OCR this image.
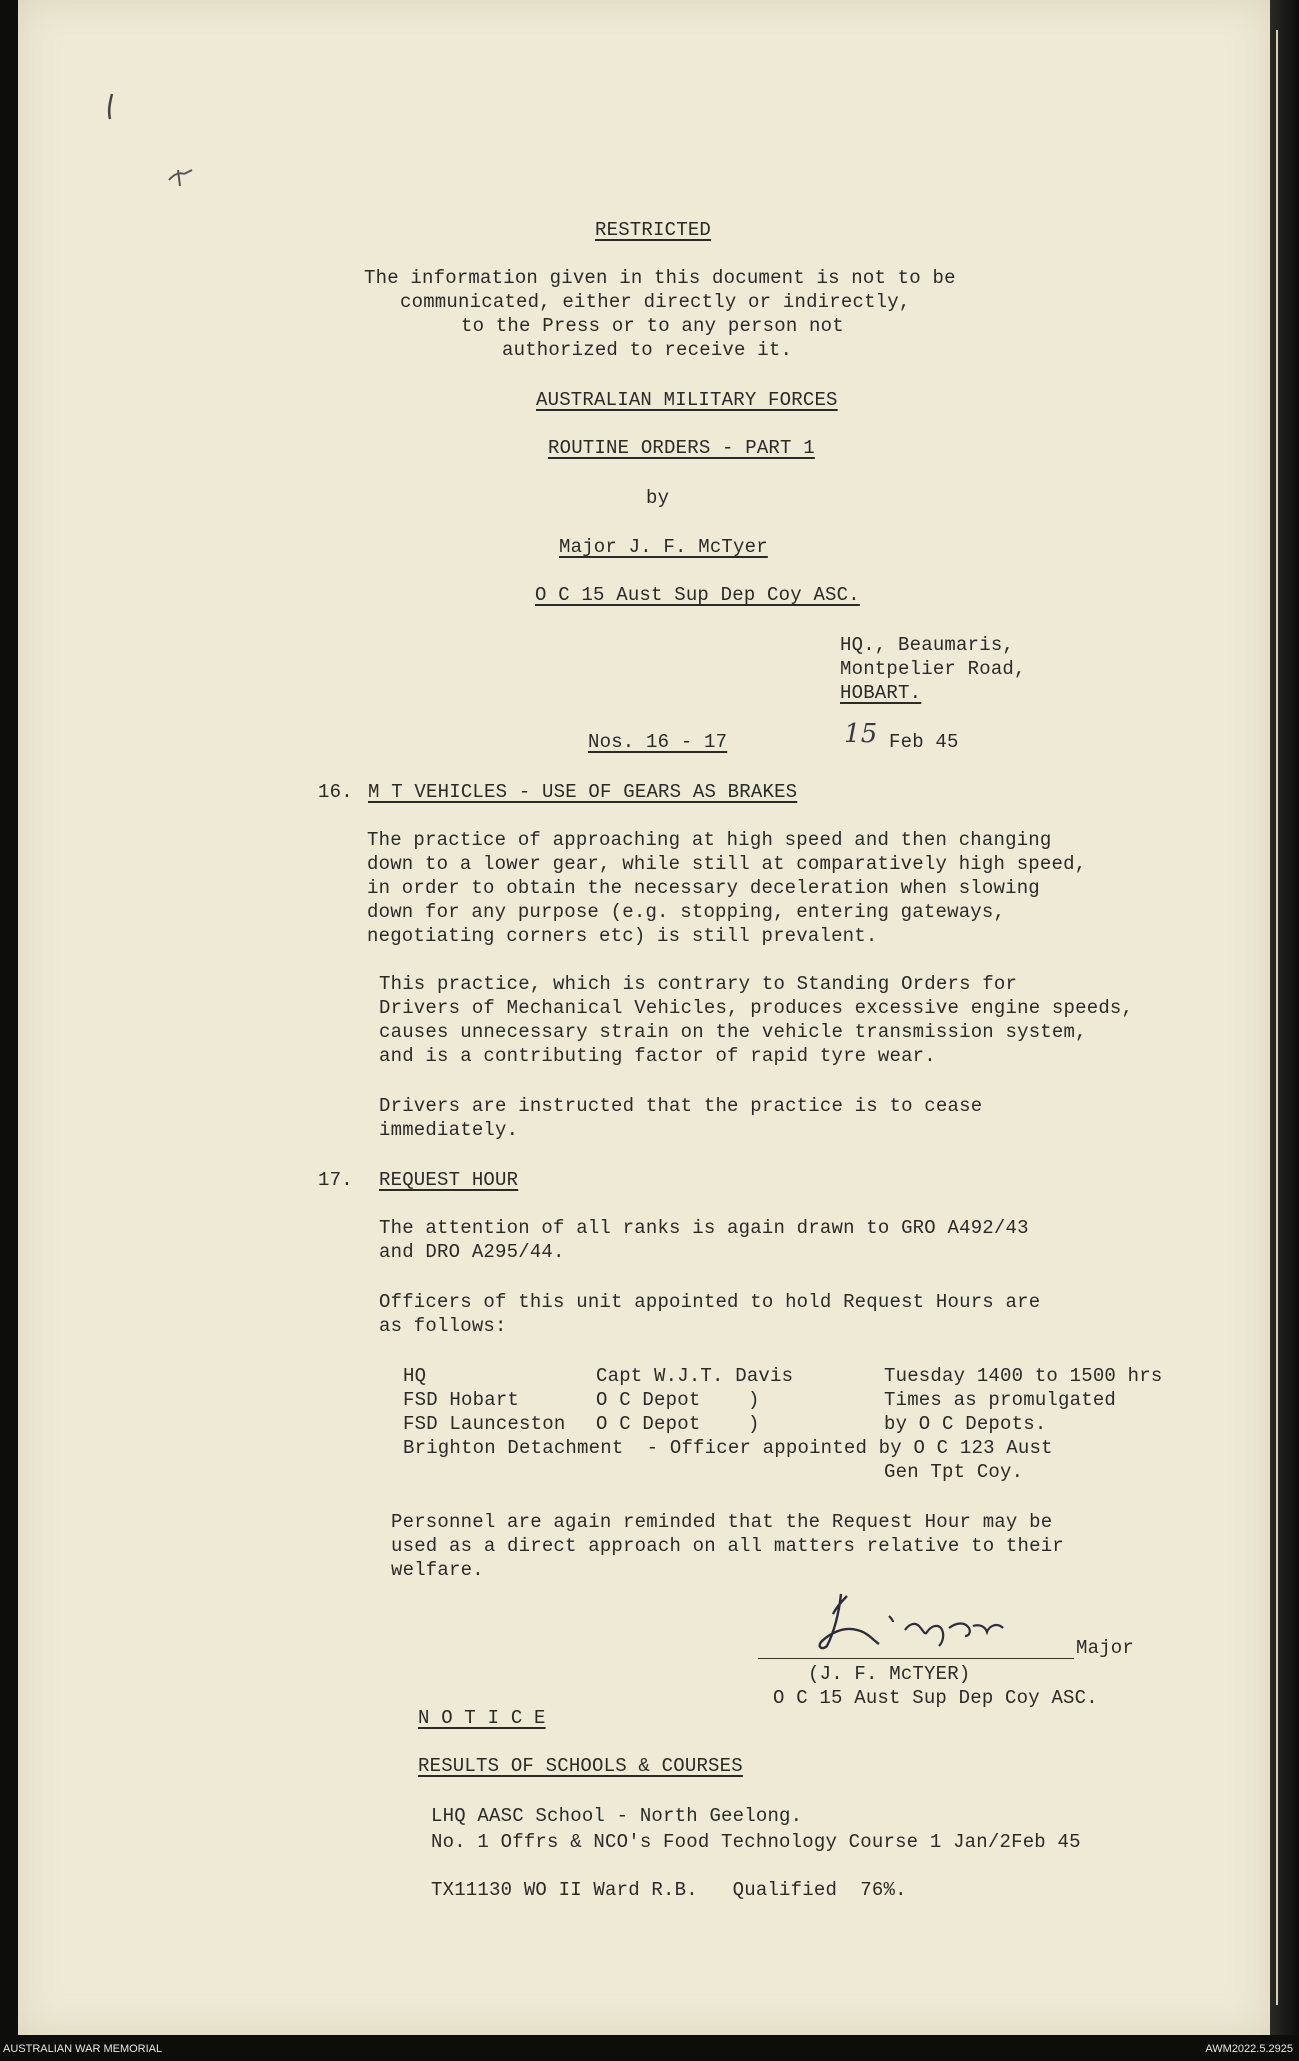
RESTRICTED
The information given in this document is not to be
communicated, either directly or indirectly,
to the Press or to any person not
authorized to receive it.
AUSTRALIAN MILITARY FORCES
ROUTINE ORDERS - PART 1
by
Major J. F. McTyer
O C 15 Aust Sup Dep Coy ASC.
HQ., Beaumaris,
Montpelier Road,
HOBART.
Nos. 16 - 17	15 Feb 45
16. M T VEHICLES - USE OF GEARS AS BRAKES
The practice of approaching at high speed and then changing
down to a lower gear, while still at comparatively high speed,
in order to obtain the necessary deceleration when slowing
down for any purpose (e.g. stopping, entering gateways,
negotiating corners etc) is still prevalent.
This practice, which is contrary to Standing Orders for
Drivers of Mechanical Vehicles, produces excessive engine speeds,
causes unnecessary strain on the vehicle transmission system,
and is a contributing factor of rapid tyre wear.
Drivers are instructed that the practice is to cease
immediately.
17. REQUEST HOUR
The attention of all ranks is again drawn to GRO A492/43
and DRO A295/44.
Officers of this unit appointed to hold Request Hours are
as follows:
HQ	Capt W.J.T. Davis	Tuesday 1400 to 1500 hrs
FSD Hobart	O C Depot	)	Times as promulgated
FSD Launceston O C Depot	)	by O C Depots.
Brighton Detachment  - Officer appointed by O C 123 Aust
Gen Tpt Coy.
Personnel are again reminded that the Request Hour may be
used as a direct approach on all matters relative to their
welfare.
Major
(J. F. McTYER)
O C 15 Aust Sup Dep Coy ASC.
N O T I C E
RESULTS OF SCHOOLS & COURSES
LHQ AASC School - North Geelong.
No. 1 Offrs & NCO's Food Technology Course 1 Jan/2Feb 45
TX11130 WO II Ward R.B.   Qualified  76%.
AUSTRALIAN WAR MEMORIAL	AWM2022.5.2925
